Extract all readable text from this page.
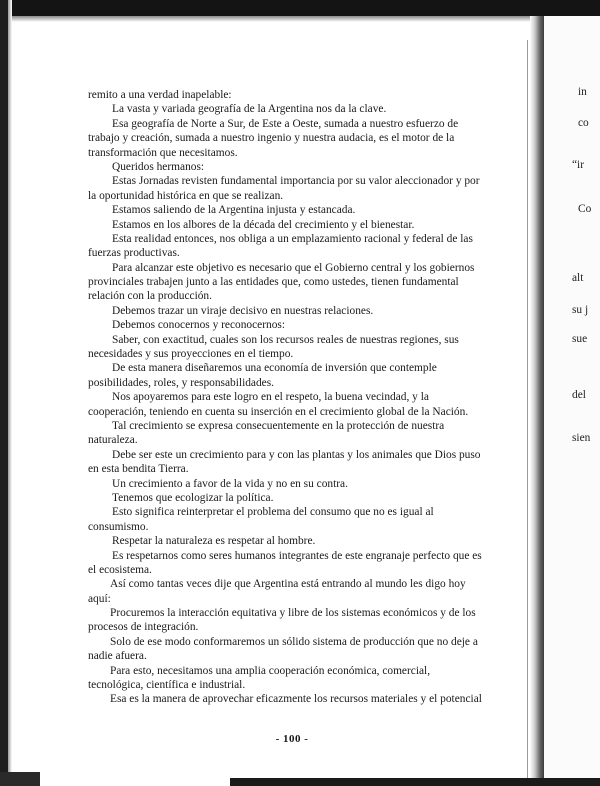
remito a una verdad inapelable:
La vasta y variada geografía de la Argentina nos da la clave.
Esa geografía de Norte a Sur, de Este a Oeste, sumada a nuestro esfuerzo de
trabajo y creación, sumada a nuestro ingenio y nuestra audacia, es el motor de la
transformación que necesitamos.
Queridos hermanos:
Estas Jornadas revisten fundamental importancia por su valor aleccionador y por
la oportunidad histórica en que se realizan.
Estamos saliendo de la Argentina injusta y estancada.
Estamos en los albores de la década del crecimiento y el bienestar.
Esta realidad entonces, nos obliga a un emplazamiento racional y federal de las
fuerzas productivas.
Para alcanzar este objetivo es necesario que el Gobierno central y los gobiernos
provinciales trabajen junto a las entidades que, como ustedes, tienen fundamental
relación con la producción.
Debemos trazar un viraje decisivo en nuestras relaciones.
Debemos conocernos y reconocernos:
Saber, con exactitud, cuales son los recursos reales de nuestras regiones, sus
necesidades y sus proyecciones en el tiempo.
De esta manera diseñaremos una economía de inversión que contemple
posibilidades, roles, y responsabilidades.
Nos apoyaremos para este logro en el respeto, la buena vecindad, y la
cooperación, teniendo en cuenta su inserción en el crecimiento global de la Nación.
Tal crecimiento se expresa consecuentemente en la protección de nuestra
naturaleza.
Debe ser este un crecimiento para y con las plantas y los animales que Dios puso
en esta bendita Tierra.
Un crecimiento a favor de la vida y no en su contra.
Tenemos que ecologizar la política.
Esto significa reinterpretar el problema del consumo que no es igual al
consumismo.
Respetar la naturaleza es respetar al hombre.
Es respetarnos como seres humanos integrantes de este engranaje perfecto que es
el ecosistema.
Así como tantas veces dije que Argentina está entrando al mundo les digo hoy
aquí:
Procuremos la interacción equitativa y libre de los sistemas económicos y de los
procesos de integración.
Solo de ese modo conformaremos un sólido sistema de producción que no deje a
nadie afuera.
Para esto, necesitamos una amplia cooperación económica, comercial,
tecnológica, científica e industrial.
Esa es la manera de aprovechar eficazmente los recursos materiales y el potencial
in
co
“ir
Co
alt
su j
sue
del
sien
- 100 -
